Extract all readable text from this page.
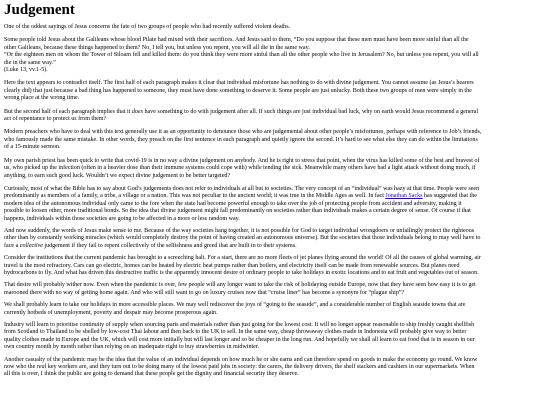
Judgement

One of the oddest sayings of Jesus concerns the fate of two groups of people who had recently suffered violent deaths.

Some people told Jesus about the Galileans whose blood Pilate had mixed with their sacrifices. And Jesus said to them, “Do you suppose that these men must have been more sinful than all the
other Galileans, because these things happened to them? No, I tell you, but unless you repent, you will all die in the same way.
“Or the eighteen men on whom the Tower of Siloam fell and killed them: do you think they were more sinful than all the other people who live in Jerusalem? No, but unless you repent, you will all
die in the same way.”
(Luke 13, vv.1-5).

Here the text appears to contradict itself. The first half of each paragraph makes it clear that individual misfortune has nothing to do with divine judgement. You cannot assume (as Jesus’s hearers
clearly did) that just because a bad thing has happened to someone, they must have done something to deserve it. Some people are just unlucky. Both these two groups of men were simply in the
wrong place at the wrong time.

But the second half of each paragraph implies that it does have something to do with judgement after all. If such things are just individual bad luck, why on earth would Jesus recommend a general
act of repentance to protect us from them?

Modern preachers who have to deal with this text generally use it as an opportunity to denounce those who are judgemental about other people’s misfortunes, perhaps with reference to Job’s friends,
who famously made the same mistake. In other words, they preach on the first sentence in each paragraph and quietly ignore the second. It’s hard to see what else they can do within the limitations
of a 15-minute sermon.

My own parish priest has been quick to write that covid-19 is in no way a divine judgement on anybody. And he is right to stress that point, when the virus has killed some of the best and bravest of
us, who picked up the infection (often in a heavier dose than their immune systems could cope with) while tending the sick. Meanwhile many others have had a light attack without doing much, if
anything, to earn such good luck. Wouldn’t we expect divine judgement to be better targeted?

Curiously, most of what the Bible has to say about God’s judgements does not refer to individuals at all but to societies. The very concept of an “individual” was hazy at that time. People were seen
predominantly as members of a family, a tribe, a village or a nation. This was not peculiar to the ancient world; it was true in the Middle Ages as well. In fact Jonathan Sacks has suggested that the
modern idea of the autonomous individual only came to the fore when the state had become powerful enough to take over the job of protecting people from accident and adversity, making it
possible to loosen other, more traditional bonds. So the idea that divine judgement might fall predominantly on societies rather than individuals makes a certain degree of sense. Of course if that
happens, individuals within those societies are going to be affected in a more or less random way.

And now suddenly, the words of Jesus make sense to me. Because of the way societies hang together, it is not possible for God to target individual wrongdoers or unfailingly protect the righteous
other than by constantly working miracles (which would completely destroy the point of having created an autonomous universe). But the societies that those individuals belong to may well have to
face a collective judgement if they fail to repent collectively of the selfishness and greed that are built in to their systems.

Consider the institutions that the current pandemic has brought to a screeching halt. For a start, there are no more fleets of jet planes flying around the world! Of all the causes of global warming, air
travel is the most refractory. Cars can go electric, homes can be heated by electric heat pumps rather than boilers, and electricity itself can be made from renewable sources. But planes need
hydrocarbons to fly. And what has driven this destructive traffic is the apparently innocent desire of ordinary people to take holidays in exotic locations and to eat fruit and vegetables out of season.

That desire will probably wither now. Even when the pandemic is over, few people will any longer want to take the risk of holidaying outside Europe, now that they have seen how easy it is to get
marooned there with no way of getting home again. And who will still want to go on luxury cruises now that “cruise liner” has become a synonym for “plague ship”?

We shall probably learn to take our holidays in more accessible places. We may well rediscover the joys of “going to the seaside”, and a considerable number of English seaside towns that are
currently hotbeds of unemployment, poverty and despair may become prosperous again.

Industry will learn to prioritise continuity of supply when sourcing parts and materials rather than just going for the lowest cost. It will no longer appear reasonable to ship freshly caught shellfish
from Scotland to Thailand to be shelled by low-cost Thai labour and then back to the UK to sell. In the same way, cheap throwaway clothes made in Indonesia will probably give way to better
quality clothes made in Europe and the UK, which will cost more initially but will last longer and so be cheaper in the long run. And hopefully we shall all learn to eat food that is in season in our
own country month by month rather than relying on an inadequate right to buy strawberries in midwinter.

Another casualty of the pandemic may be the idea that the value of an individual depends on how much he or she earns and can therefore spend on goods to make the economy go round. We know
now who the real key workers are, and they turn out to be doing many of the lowest paid jobs in society: the carers, the delivery drivers, the shelf stackers and cashiers in our supermarkets. When
all this is over, I think the public are going to demand that these people get the dignity and financial security they deserve.
